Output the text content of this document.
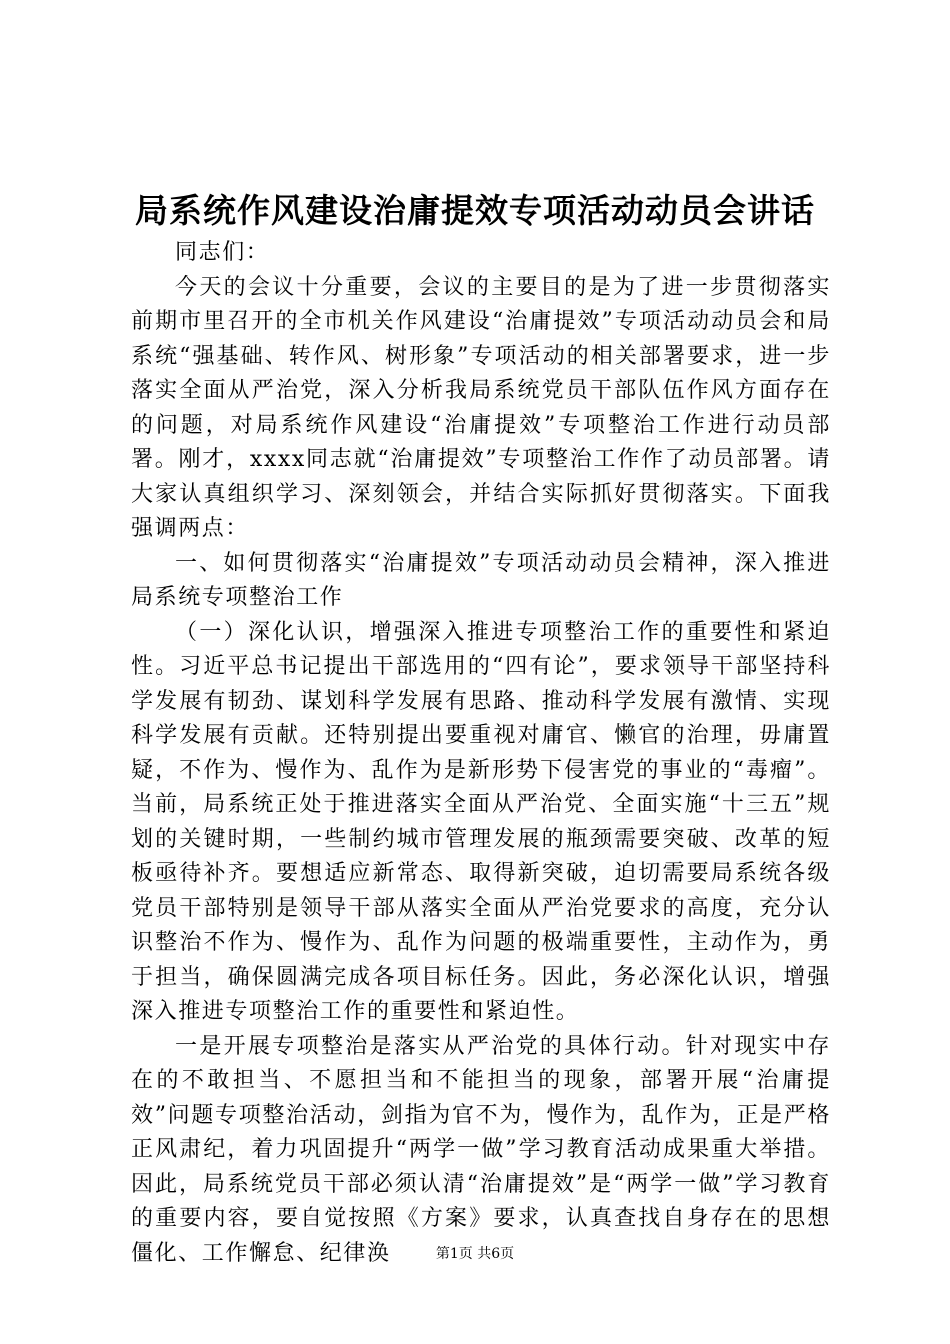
局系统作风建设治庸提效专项活动动员会讲话

同志们：

今天的会议十分重要，会议的主要目的是为了进一步贯彻落实前期市里召开的全市机关作风建设“治庸提效”专项活动动员会和局系统“强基础、转作风、树形象”专项活动的相关部署要求，进一步落实全面从严治党，深入分析我局系统党员干部队伍作风方面存在的问题，对局系统作风建设“治庸提效”专项整治工作进行动员部署。刚才，xxxx同志就“治庸提效”专项整治工作作了动员部署。请大家认真组织学习、深刻领会，并结合实际抓好贯彻落实。下面我强调两点：

一、如何贯彻落实“治庸提效”专项活动动员会精神，深入推进局系统专项整治工作

（一）深化认识，增强深入推进专项整治工作的重要性和紧迫性。习近平总书记提出干部选用的“四有论”，要求领导干部坚持科学发展有韧劲、谋划科学发展有思路、推动科学发展有激情、实现科学发展有贡献。还特别提出要重视对庸官、懒官的治理，毋庸置疑，不作为、慢作为、乱作为是新形势下侵害党的事业的“毒瘤”。当前，局系统正处于推进落实全面从严治党、全面实施“十三五”规划的关键时期，一些制约城市管理发展的瓶颈需要突破、改革的短板亟待补齐。要想适应新常态、取得新突破，迫切需要局系统各级党员干部特别是领导干部从落实全面从严治党要求的高度，充分认识整治不作为、慢作为、乱作为问题的极端重要性，主动作为，勇于担当，确保圆满完成各项目标任务。因此，务必深化认识，增强深入推进专项整治工作的重要性和紧迫性。

一是开展专项整治是落实从严治党的具体行动。针对现实中存在的不敢担当、不愿担当和不能担当的现象，部署开展“治庸提效”问题专项整治活动，剑指为官不为，慢作为，乱作为，正是严格正风肃纪，着力巩固提升“两学一做”学习教育活动成果重大举措。因此，局系统党员干部必须认清“治庸提效”是“两学一做”学习教育的重要内容，要自觉按照《方案》要求，认真查找自身存在的思想僵化、工作懈怠、纪律涣	第1页 共6页
